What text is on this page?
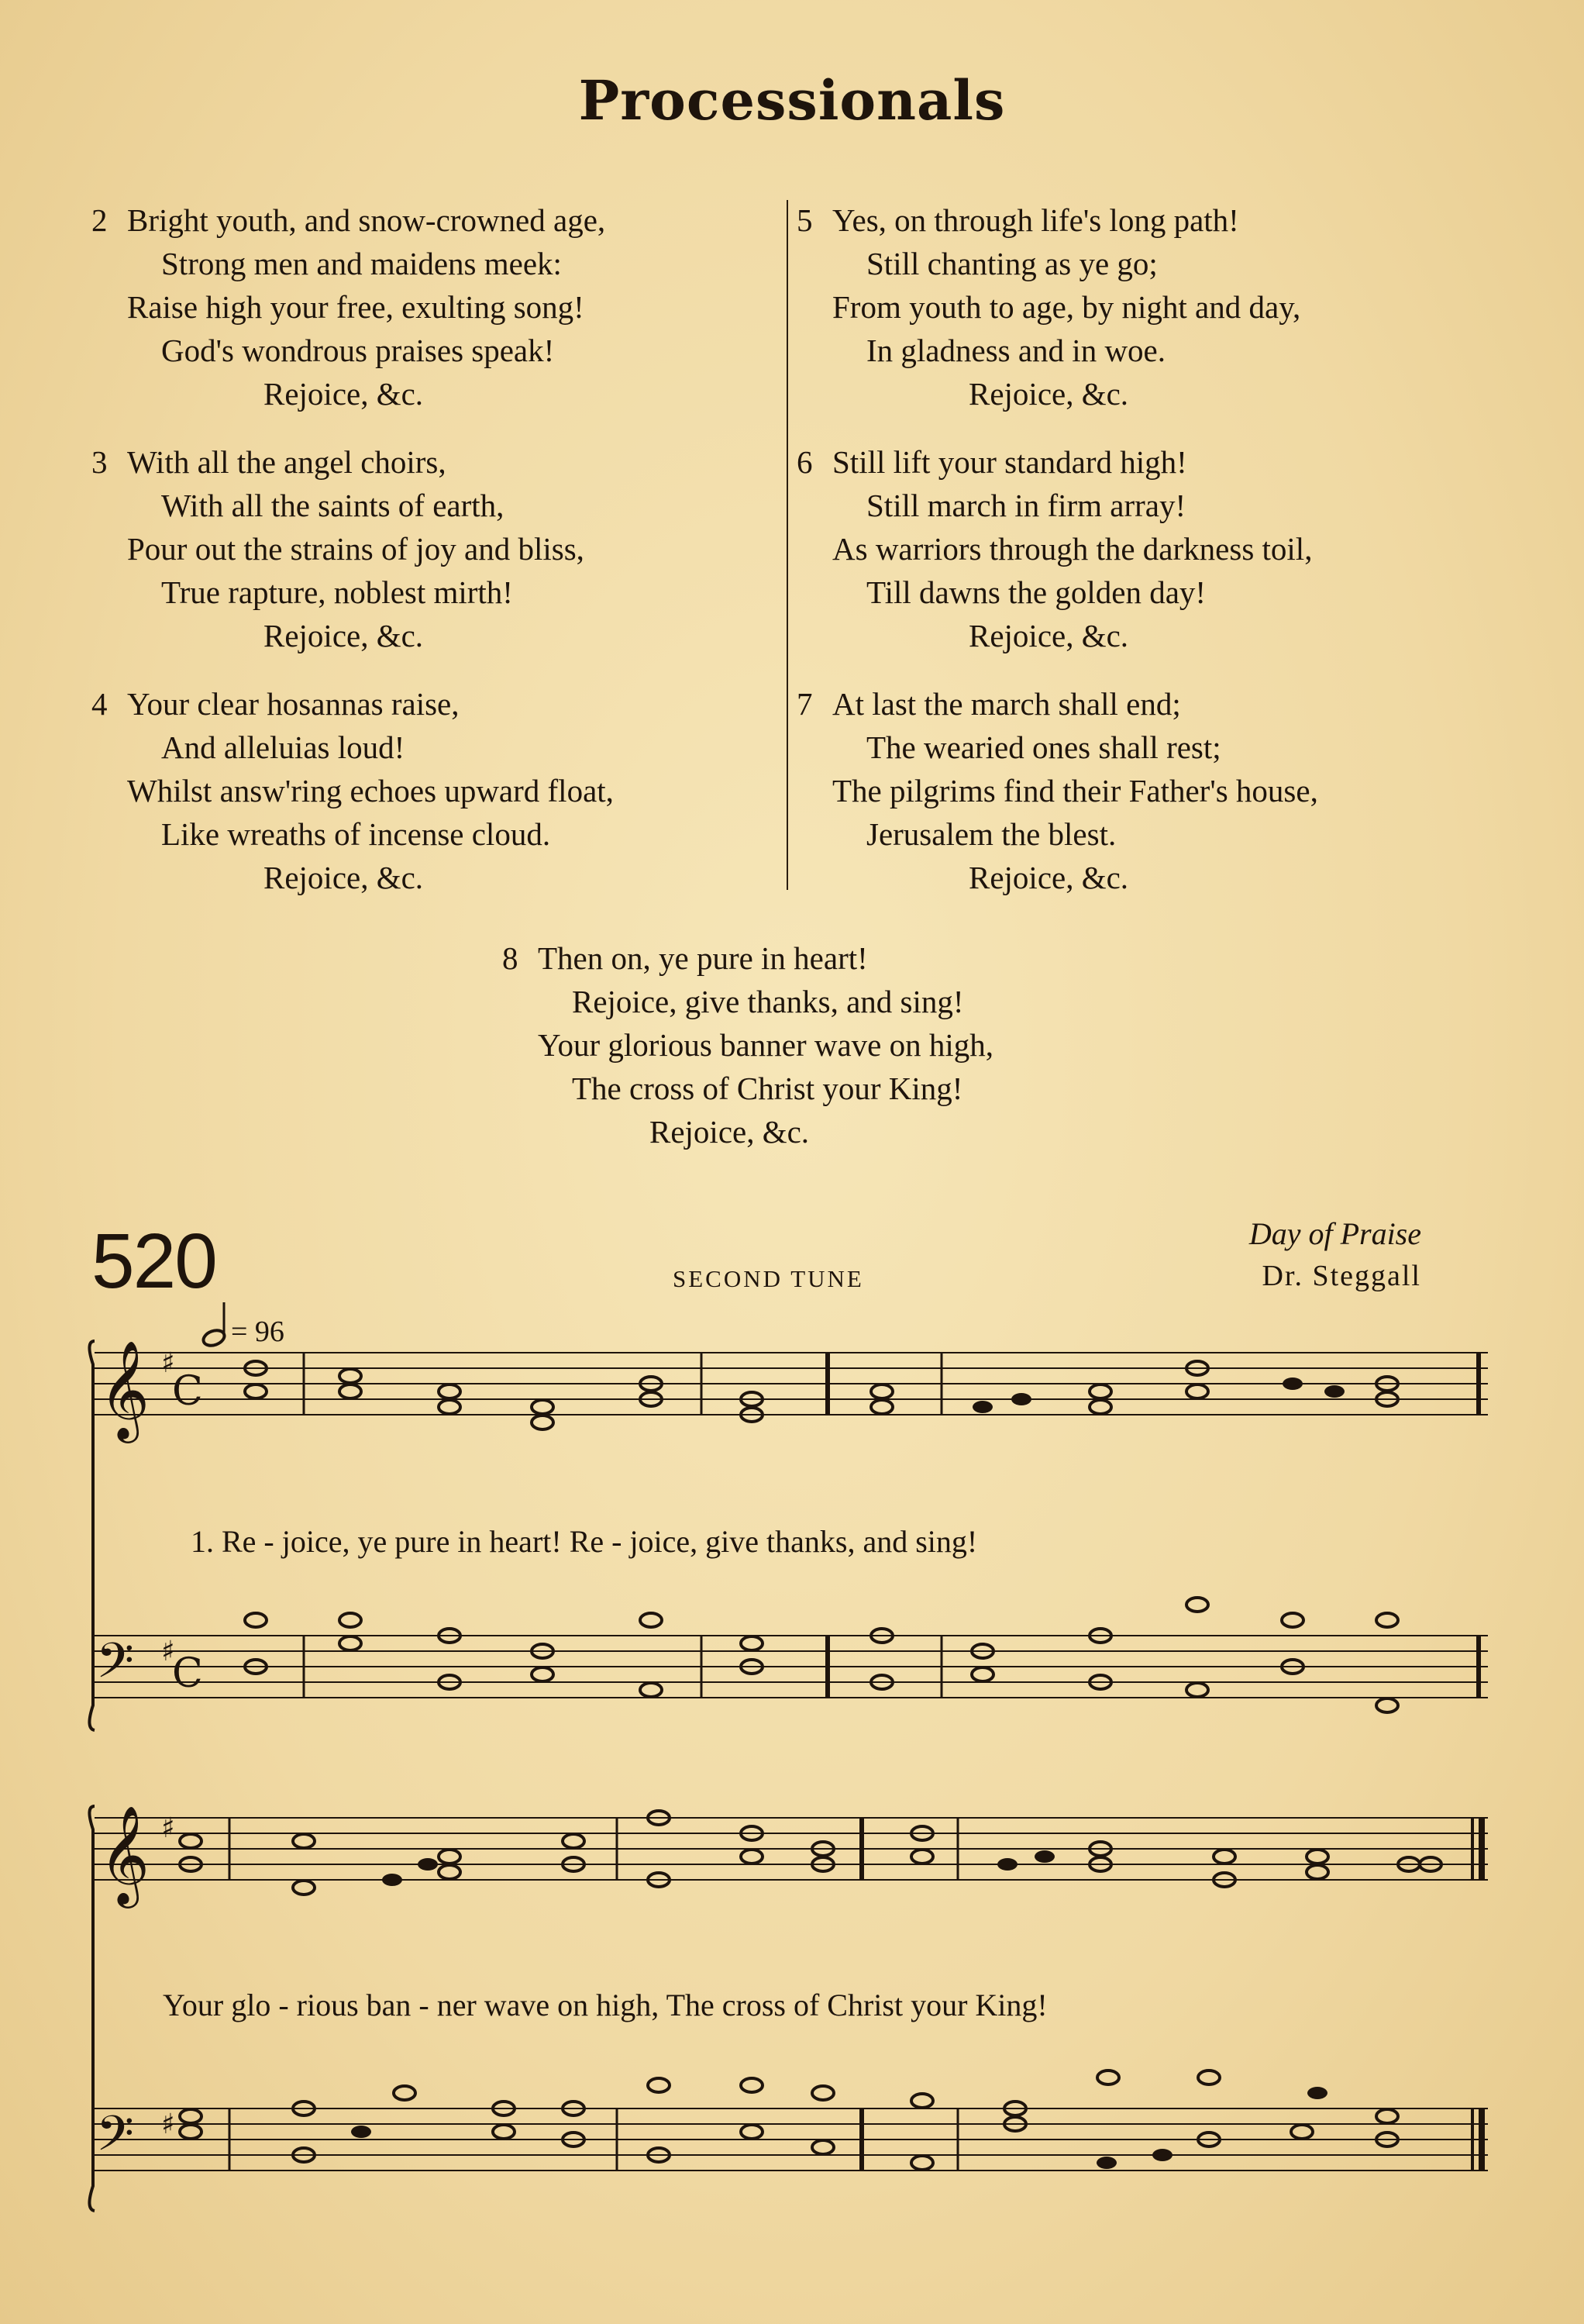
Processionals
2 Bright youth, and snow-crowned age,
Strong men and maidens meek:
Raise high your free, exulting song!
God's wondrous praises speak!
Rejoice, &c.
3 With all the angel choirs,
With all the saints of earth,
Pour out the strains of joy and bliss,
True rapture, noblest mirth!
Rejoice, &c.
4 Your clear hosannas raise,
And alleluias loud!
Whilst answ'ring echoes upward float,
Like wreaths of incense cloud.
Rejoice, &c.
5 Yes, on through life's long path!
Still chanting as ye go;
From youth to age, by night and day,
In gladness and in woe.
Rejoice, &c.
6 Still lift your standard high!
Still march in firm array!
As warriors through the darkness toil,
Till dawns the golden day!
Rejoice, &c.
7 At last the march shall end;
The wearied ones shall rest;
The pilgrims find their Father's house,
Jerusalem the blest.
Rejoice, &c.
8 Then on, ye pure in heart!
Rejoice, give thanks, and sing!
Your glorious banner wave on high,
The cross of Christ your King!
Rejoice, &c.
520	SECOND TUNE
Day of Praise
Dr. Steggall
= 96
𝄞 ♯
C
𝄢 ♯
C
𝄞 ♯
𝄢 ♯
1. Re - joice, ye pure in heart! Re - joice, give thanks, and sing!
Your glo - rious ban - ner wave on high, The cross of Christ your King!
